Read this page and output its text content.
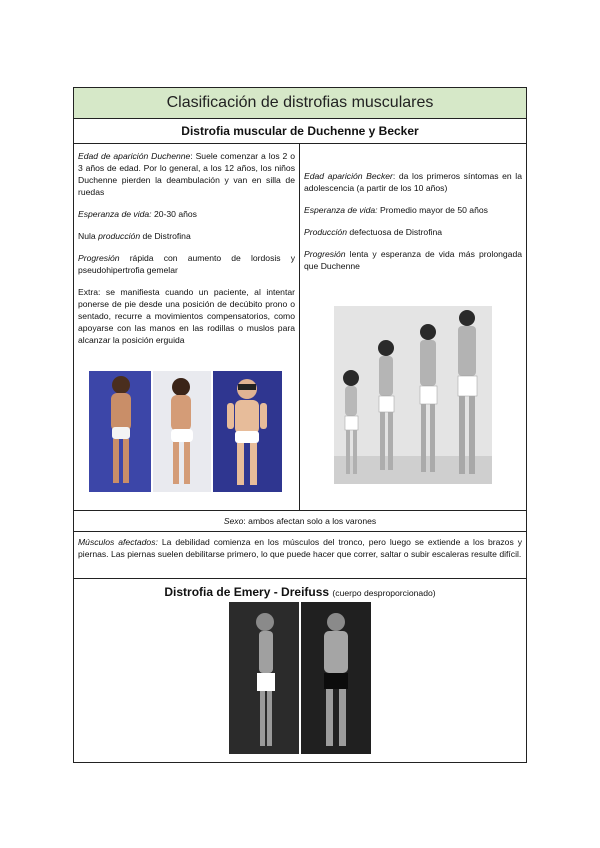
Clasificación de distrofias musculares
Distrofia muscular de Duchenne y Becker

Edad de aparición Duchenne: Suele comenzar a los 2 o 3 años de edad. Por lo general, a los 12 años, los niños Duchenne pierden la deambulación y van en silla de ruedas

Esperanza de vida: 20-30 años

Nula producción de Distrofina

Progresión rápida con aumento de lordosis y pseudohipertrofia gemelar

Extra: se manifiesta cuando un paciente, al intentar ponerse de pie desde una posición de decúbito prono o sentado, recurre a movimientos compensatorios, como apoyarse con las manos en las rodillas o muslos para alcanzar la posición erguida

Edad aparición Becker: da los primeros síntomas en la adolescencia (a partir de los 10 años)

Esperanza de vida: Promedio mayor de 50 años

Producción defectuosa de Distrofina

Progresión lenta y esperanza de vida más prolongada que Duchenne

Sexo : ambos afectan solo a los varones
Músculos afectados: La debilidad comienza en los músculos del tronco, pero luego se extiende a los brazos y piernas. Las piernas suelen debilitarse primero, lo que puede hacer que correr, saltar o subir escaleras resulte difícil.
Distrofia de Emery - Dreifuss (cuerpo desproporcionado)
